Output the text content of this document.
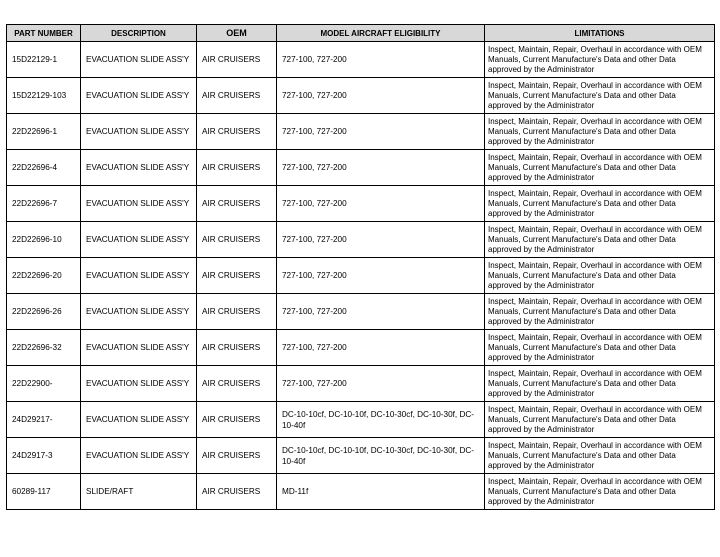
PART NUMBER	DESCRIPTION	OEM	MODEL AIRCRAFT ELIGIBILITY	LIMITATIONS
15D22129-1	EVACUATION SLIDE ASS'Y	AIR CRUISERS	727-100, 727-200	Inspect, Maintain, Repair, Overhaul in accordance with OEM Manuals, Current Manufacture's Data and other Data approved by the Administrator
15D22129-103	EVACUATION SLIDE ASS'Y	AIR CRUISERS	727-100, 727-200	Inspect, Maintain, Repair, Overhaul in accordance with OEM Manuals, Current Manufacture's Data and other Data approved by the Administrator
22D22696-1	EVACUATION SLIDE ASS'Y	AIR CRUISERS	727-100, 727-200	Inspect, Maintain, Repair, Overhaul in accordance with OEM Manuals, Current Manufacture's Data and other Data approved by the Administrator
22D22696-4	EVACUATION SLIDE ASS'Y	AIR CRUISERS	727-100, 727-200	Inspect, Maintain, Repair, Overhaul in accordance with OEM Manuals, Current Manufacture's Data and other Data approved by the Administrator
22D22696-7	EVACUATION SLIDE ASS'Y	AIR CRUISERS	727-100, 727-200	Inspect, Maintain, Repair, Overhaul in accordance with OEM Manuals, Current Manufacture's Data and other Data approved by the Administrator
22D22696-10	EVACUATION SLIDE ASS'Y	AIR CRUISERS	727-100, 727-200	Inspect, Maintain, Repair, Overhaul in accordance with OEM Manuals, Current Manufacture's Data and other Data approved by the Administrator
22D22696-20	EVACUATION SLIDE ASS'Y	AIR CRUISERS	727-100, 727-200	Inspect, Maintain, Repair, Overhaul in accordance with OEM Manuals, Current Manufacture's Data and other Data approved by the Administrator
22D22696-26	EVACUATION SLIDE ASS'Y	AIR CRUISERS	727-100, 727-200	Inspect, Maintain, Repair, Overhaul in accordance with OEM Manuals, Current Manufacture's Data and other Data approved by the Administrator
22D22696-32	EVACUATION SLIDE ASS'Y	AIR CRUISERS	727-100, 727-200	Inspect, Maintain, Repair, Overhaul in accordance with OEM Manuals, Current Manufacture's Data and other Data approved by the Administrator
22D22900-	EVACUATION SLIDE ASS'Y	AIR CRUISERS	727-100, 727-200	Inspect, Maintain, Repair, Overhaul in accordance with OEM Manuals, Current Manufacture's Data and other Data approved by the Administrator
24D29217-	EVACUATION SLIDE ASS'Y	AIR CRUISERS	DC-10-10cf, DC-10-10f, DC-10-30cf, DC-10-30f, DC-10-40f	Inspect, Maintain, Repair, Overhaul in accordance with OEM Manuals, Current Manufacture's Data and other Data approved by the Administrator
24D2917-3	EVACUATION SLIDE ASS'Y	AIR CRUISERS	DC-10-10cf, DC-10-10f, DC-10-30cf, DC-10-30f, DC-10-40f	Inspect, Maintain, Repair, Overhaul in accordance with OEM Manuals, Current Manufacture's Data and other Data approved by the Administrator
60289-117	SLIDE/RAFT	AIR CRUISERS	MD-11f	Inspect, Maintain, Repair, Overhaul in accordance with OEM Manuals, Current Manufacture's Data and other Data approved by the Administrator
